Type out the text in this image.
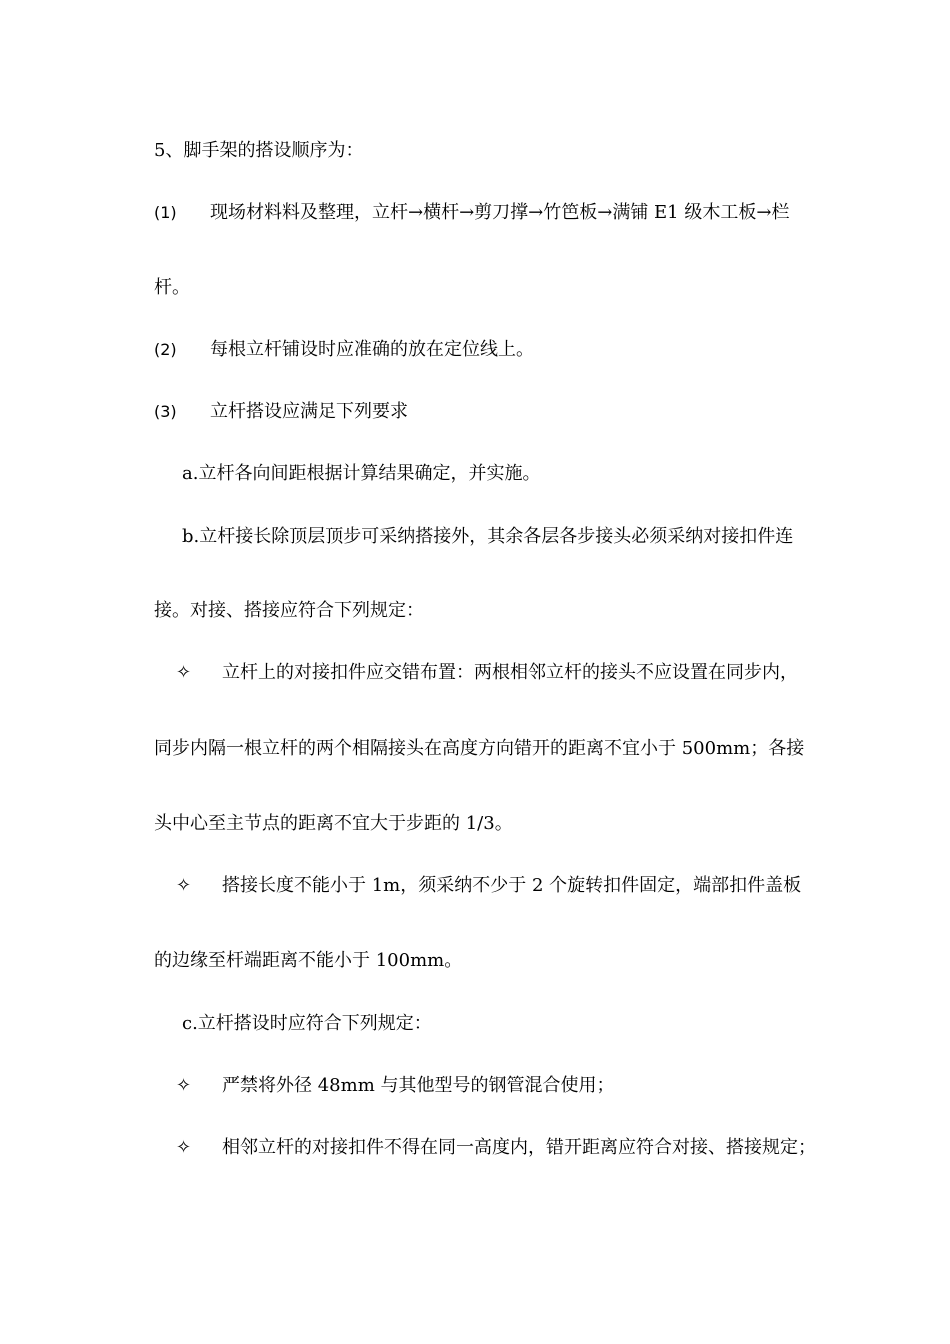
5、脚手架的搭设顺序为：
(1) 现场材料料及整理，立杆→横杆→剪刀撑→竹笆板→满铺 E1 级木工板→栏
杆。
(2) 每根立杆铺设时应准确的放在定位线上。
(3) 立杆搭设应满足下列要求
a.立杆各向间距根据计算结果确定，并实施。
b.立杆接长除顶层顶步可采纳搭接外，其余各层各步接头必须采纳对接扣件连
接。对接、搭接应符合下列规定：
✧ 立杆上的对接扣件应交错布置：两根相邻立杆的接头不应设置在同步内，
同步内隔一根立杆的两个相隔接头在高度方向错开的距离不宜小于 500mm；各接
头中心至主节点的距离不宜大于步距的 1/3。
✧ 搭接长度不能小于 1m，须采纳不少于 2 个旋转扣件固定，端部扣件盖板
的边缘至杆端距离不能小于 100mm。
c.立杆搭设时应符合下列规定：
✧ 严禁将外径 48mm 与其他型号的钢管混合使用；
✧ 相邻立杆的对接扣件不得在同一高度内，错开距离应符合对接、搭接规定；
